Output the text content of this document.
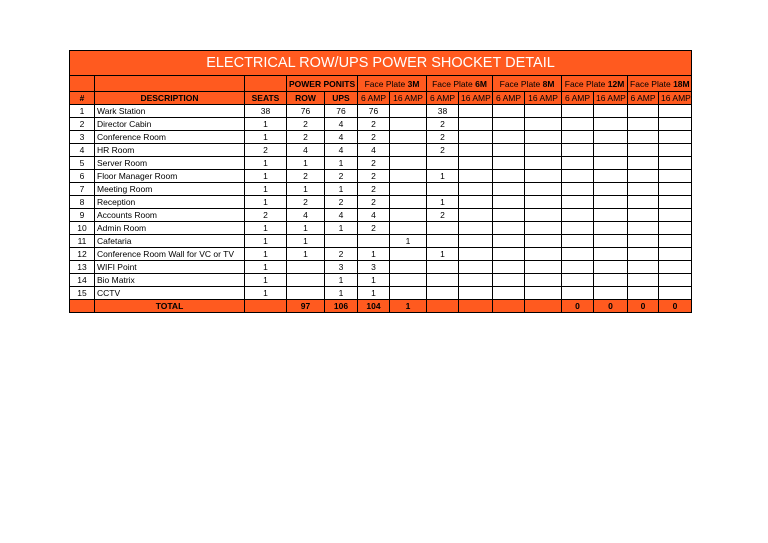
ELECTRICAL ROW/UPS POWER SHOCKET DETAIL
			POWER PONITS		Face Plate 3M		Face Plate 6M		Face Plate 8M		Face Plate 12M		Face Plate 18M	
#	DESCRIPTION	SEATS	ROW	UPS	6 AMP	16 AMP	6 AMP	16 AMP	6 AMP	16 AMP	6 AMP	16 AMP	6 AMP	16 AMP
1	Wark Station	38	76	76	76		38							
2	Director Cabin	1	2	4	2		2							
3	Conference Room	1	2	4	2		2							
4	HR Room	2	4	4	4		2							
5	Server Room	1	1	1	2									
6	Floor Manager Room	1	2	2	2		1							
7	Meeting Room	1	1	1	2									
8	Reception	1	2	2	2		1							
9	Accounts Room	2	4	4	4		2							
10	Admin Room	1	1	1	2									
11	Cafetaria	1	1			1								
12	Conference Room Wall for VC or TV	1	1	2	1		1							
13	WIFI Point	1		3	3									
14	Bio Matrix	1		1	1									
15	CCTV	1		1	1									
	TOTAL		97	106	104	1					0	0	0	0
